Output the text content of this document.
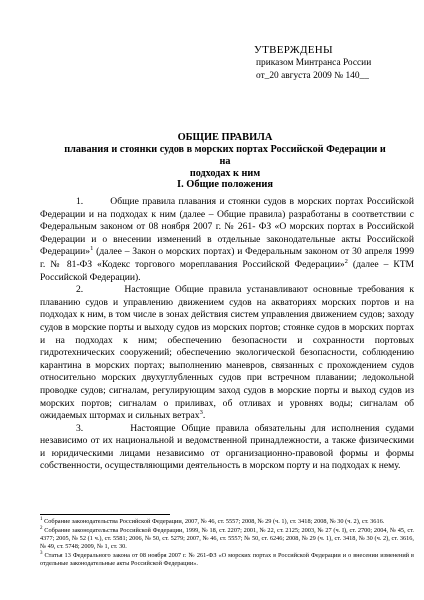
УТВЕРЖДЕНЫ
приказом Минтранса России
от_20 августа 2009 № 140__
ОБЩИЕ ПРАВИЛА
плавания и стоянки судов в морских портах Российской Федерации и на
подходах к ним
I. Общие положения

1.	Общие правила плавания и стоянки судов в морских портах Российской Федерации и на подходах к ним (далее – Общие правила) разработаны в соответствии с Федеральным законом от 08 ноября 2007 г. № 261- ФЗ «О морских портах в Российской Федерации и о внесении изменений в отдельные законодательные акты Российской Федерации»$^1$ (далее – Закон о морских портах) и Федеральным законом от 30 апреля 1999 г. № 81-ФЗ «Кодекс торгового мореплавания Российской Федерации»$^2$ (далее – КТМ Российской Федерации).

2.	Настоящие Общие правила устанавливают основные требования к плаванию судов и управлению движением судов на акваториях морских портов и на подходах к ним, в том числе в зонах действия систем управления движением судов; заходу судов в морские порты и выходу судов из морских портов; стоянке судов в морских портах и на подходах к ним; обеспечению безопасности и сохранности портовых гидротехнических сооружений; обеспечению экологической безопасности, соблюдению карантина в морских портах; выполнению маневров, связанных с прохождением судов относительно морских двухуглубленных судов при встречном плавании; ледокольной проводке судов; сигналам, регулирующим заход судов в морские порты и выход судов из морских портов; сигналам о приливах, об отливах и уровнях воды; сигналам об ожидаемых штормах и сильных ветрах$^3$.

3.	Настоящие Общие правила обязательны для исполнения судами независимо от их национальной и ведомственной принадлежности, а также физическими и юридическими лицами независимо от организационно-правовой формы и формы собственности, осуществляющими деятельность в морском порту и на подходах к нему.

$^1$ Собрание законодательства Российской Федерации, 2007, № 46, ст. 5557; 2008, № 29 (ч. 1), ст. 3418; 2008, № 30 (ч. 2), ст. 3616.

$^2$ Собрание законодательства Российской Федерации, 1999, № 18, ст. 2207; 2001, № 22, ст. 2125; 2003, № 27 (ч. I), ст. 2700; 2004, № 45, ст. 4377; 2005, № 52 (1 ч.), ст. 5581; 2006, № 50, ст. 5279; 2007, № 46, ст. 5557; № 50, ст. 6246; 2008, № 29 (ч. 1), ст. 3418, № 30 (ч. 2), ст. 3616, № 49, ст. 5748; 2009, № 1, ст. 30.

$^3$ Статья 13 Федерального закона от 08 ноября 2007 г. № 261-ФЗ «О морских портах в Российской Федерации и о внесении изменений в отдельные законодательные акты Российской Федерации».
